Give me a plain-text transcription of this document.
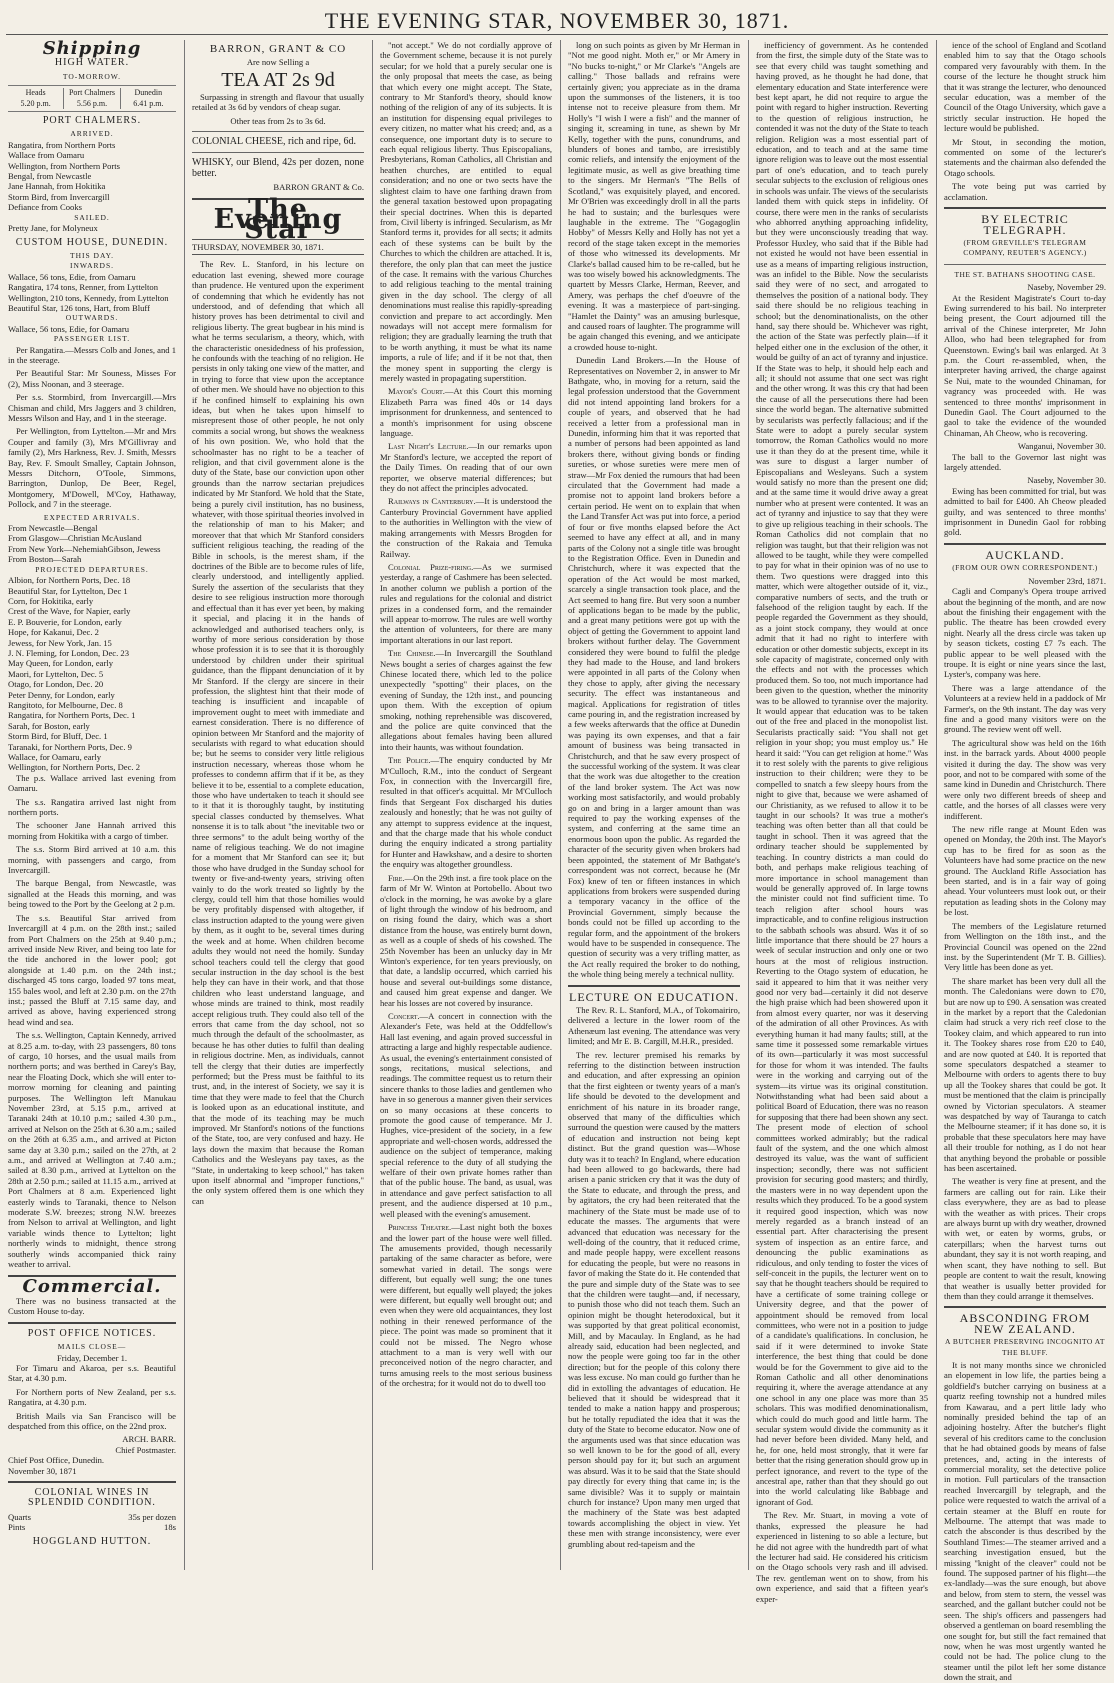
THE EVENING STAR, NOVEMBER 30, 1871.
Shipping
HIGH WATER.
TO-MORROW.
Heads
5.20 p.m.
Port Chalmers
5.56 p.m.
Dunedin
6.41 p.m.
PORT CHALMERS.
ARRIVED.

Rangatira, from Northern Ports

Wallace from Oamaru

Wellington, from Northern Ports

Bengal, from Newcastle

Jane Hannah, from Hokitika

Storm Bird, from Invercargill

Defiance from Cooks

SAILED.

Pretty Jane, for Molyneux

CUSTOM HOUSE, DUNEDIN.
THIS DAY.
INWARDS.

Wallace, 56 tons, Edie, from Oamaru

Rangatira, 174 tons, Renner, from Lyttelton

Wellington, 210 tons, Kennedy, from Lyttelton

Beautiful Star, 126 tons, Hart, from Bluff

OUTWARDS.

Wallace, 56 tons, Edie, for Oamaru

PASSENGER LIST.

Per Rangatira.—Messrs Colb and Jones, and 1 in the steerage.

Per Beautiful Star: Mr Souness, Misses For (2), Miss Noonan, and 3 steerage.

Per s.s. Stormbird, from Invercargill.—Mrs Chisman and child, Mrs Jaggers and 3 children, Messrs Wilson and Hay, and 1 in the steerage.

Per Wellington, from Lyttelton.—Mr and Mrs Couper and family (3), Mrs M'Gillivray and family (2), Mrs Harkness, Rev. J. Smith, Messrs Bay, Rev. F. Smoult Smalley, Captain Johnson, Messrs Ditchorn, O'Toole, Simmons, Barrington, Dunlop, De Beer, Regel, Montgomery, M'Dowell, M'Coy, Hathaway, Pollock, and 7 in the steerage.

EXPECTED ARRIVALS.

From Newcastle—Bengal

From Glasgow—Christian McAusland

From New York—NehemiahGibson, Jewess

From Boston—Sarah

PROJECTED DEPARTURES.

Albion, for Northern Ports, Dec. 18

Beautiful Star, for Lyttelton, Dec 1

Corn, for Hokitika, early

Crest of the Wave, for Napier, early

E. P. Bouverie, for London, early

Hope, for Kakanui, Dec. 2

Jewess, for New York, Jan. 15

J. N. Fleming, for London, Dec. 23

May Queen, for London, early

Maori, for Lyttelton, Dec. 5

Otago, for London, Dec. 20

Peter Denny, for London, early

Rangitoto, for Melbourne, Dec. 8

Rangatira, for Northern Ports, Dec. 1

Sarah, for Boston, early

Storm Bird, for Bluff, Dec. 1

Taranaki, for Northern Ports, Dec. 9

Wallace, for Oamaru, early

Wellington, for Northern Ports, Dec. 2

The p.s. Wallace arrived last evening from Oamaru.

The s.s. Rangatira arrived last night from northern ports.

The schooner Jane Hannah arrived this morning from Hokitika with a cargo of timber.

The s.s. Storm Bird arrived at 10 a.m. this morning, with passengers and cargo, from Invercargill.

The barque Bengal, from Newcastle, was signalled at the Heads this morning, and was being towed to the Port by the Geelong at 2 p.m.

The s.s. Beautiful Star arrived from Invercargill at 4 p.m. on the 28th inst.; sailed from Port Chalmers on the 25th at 9.40 p.m.; arrived inside New River, and being too late for the tide anchored in the lower pool; got alongside at 1.40 p.m. on the 24th inst.; discharged 45 tons cargo, loaded 97 tons meat, 155 bales wool, and left at 2.30 p.m. on the 27th inst.; passed the Bluff at 7.15 same day, and arrived as above, having experienced strong head wind and sea.

The s.s. Wellington, Captain Kennedy, arrived at 8.25 a.m. to-day, with 23 passengers, 80 tons of cargo, 10 horses, and the usual mails from northern ports; and was berthed in Carey's Bay, near the Floating Dock, which she will enter to-morrow morning for cleaning and painting purposes. The Wellington left Manukau November 23rd, at 5.15 p.m., arrived at Taranaki 24th at 10.10 p.m.; sailed 4.30 p.m., arrived at Nelson on the 25th at 6.30 a.m.; sailed on the 26th at 6.35 a.m., and arrived at Picton same day at 3.30 p.m.; sailed on the 27th, at 2 a.m., and arrived at Wellington at 7.40 a.m.; sailed at 8.30 p.m., arrived at Lyttelton on the 28th at 2.50 p.m.; sailed at 11.15 a.m., arrived at Port Chalmers at 8 a.m. Experienced light easterly winds to Taranaki, thence to Nelson moderate S.W. breezes; strong N.W. breezes from Nelson to arrival at Wellington, and light variable winds thence to Lyttelton; light northerly winds to midnight, thence strong southerly winds accompanied thick rainy weather to arrival.

Commercial.

There was no business transacted at the Custom House to-day.

POST OFFICE NOTICES.
MAILS CLOSE—
Friday, December 1.

For Timaru and Akaroa, per s.s. Beautiful Star, at 4.30 p.m.

For Northern ports of New Zealand, per s.s. Rangatira, at 4.30 p.m.

British Mails via San Francisco will be despatched from this office, on the 22nd prox.

ARCH. BARR.
Chief Postmaster.
Chief Post Office, Dunedin.
November 30, 1871
COLONIAL WINES IN SPLENDID CONDITION.
Quarts	35s per dozen
Pints	18s
HOGGLAND HUTTON.
BARRON, GRANT & CO
Are now Selling a
TEA AT 2s 9d

Surpassing in strength and flavour that usually retailed at 3s 6d by vendors of cheap sugar.

Other teas from 2s to 3s 6d.

COLONIAL CHEESE, rich and ripe, 6d.

WHISKY, our Blend, 42s per dozen, none better.

BARRON GRANT & Co.
The Evening Star
THURSDAY, NOVEMBER 30, 1871.

The Rev. L. Stanford, in his lecture on education last evening, shewed more courage than prudence. He ventured upon the experiment of condemning that which he evidently has not understood, and of defending that which all history proves has been detrimental to civil and religious liberty. The great bugbear in his mind is what he terms secularism, a theory, which, with the characteristic onesidedness of his profession, he confounds with the teaching of no religion. He persists in only taking one view of the matter, and in trying to force that view upon the acceptance of other men. We should have no objection to this if he confined himself to explaining his own ideas, but when he takes upon himself to misrepresent those of other people, he not only commits a social wrong, but shows the weakness of his own position. We, who hold that the schoolmaster has no right to be a teacher of religion, and that civil government alone is the duty of the State, base our conviction upon other grounds than the narrow sectarian prejudices indicated by Mr Stanford. We hold that the State, being a purely civil institution, has no business, whatever, with those spiritual theories involved in the relationship of man to his Maker; and moreover that that which Mr Stanford considers sufficient religious teaching, the reading of the Bible in schools, is the merest sham, if the doctrines of the Bible are to become rules of life, clearly understood, and intelligently applied. Surely the assertion of the secularists that they desire to see religious instruction more thorough and effectual than it has ever yet been, by making it special, and placing it in the hands of acknowledged and authorised teachers only, is worthy of more serious consideration by those whose profession it is to see that it is thoroughly understood by children under their spiritual guidance, than the flippant denunciation of it by Mr Stanford. If the clergy are sincere in their profession, the slightest hint that their mode of teaching is insufficient and incapable of improvement ought to meet with immediate and earnest consideration. There is no difference of opinion between Mr Stanford and the majority of secularists with regard to what education should be; but he seems to consider very little religious instruction necessary, whereas those whom he professes to condemn affirm that if it be, as they believe it to be, essential to a complete education, those who have undertaken to teach it should see to it that it is thoroughly taught, by instituting special classes conducted by themselves. What nonsense it is to talk about "the inevitable two or three sermons" to the adult being worthy of the name of religious teaching. We do not imagine for a moment that Mr Stanford can see it; but those who have drudged in the Sunday school for twenty or five-and-twenty years, striving often vainly to do the work treated so lightly by the clergy, could tell him that those homilies would be very profitably dispensed with altogether, if class instruction adapted to the young were given by them, as it ought to be, several times during the week and at home. When children become adults they would not need the homily. Sunday school teachers could tell the clergy that good secular instruction in the day school is the best help they can have in their work, and that those children who least understand language, and whose minds are trained to think, most readily accept religious truth. They could also tell of the errors that came from the day school, not so much through the default of the schoolmaster, as because he has other duties to fulfil than dealing in religious doctrine. Men, as individuals, cannot tell the clergy that their duties are imperfectly performed; but the Press must be faithful to its trust, and, in the interest of Society, we say it is time that they were made to feel that the Church is looked upon as an educational institute, and that the mode of its teaching may be much improved. Mr Stanford's notions of the functions of the State, too, are very confused and hazy. He lays down the maxim that because the Roman Catholics and the Wesleyans pay taxes, as the "State, in undertaking to keep school," has taken upon itself abnormal and "improper functions," the only system offered them is one which they can

"not accept." We do not cordially approve of the Government scheme, because it is not purely secular; for we hold that a purely secular one is the only proposal that meets the case, as being that which every one might accept. The State, contrary to Mr Stanford's theory, should know nothing of the religion of any of its subjects. It is an institution for dispensing equal privileges to every citizen, no matter what his creed; and, as a consequence, one important duty is to secure to each equal religious liberty. Thus Episcopalians, Presbyterians, Roman Catholics, all Christian and heathen churches, are entitled to equal consideration; and no one or two sects have the slightest claim to have one farthing drawn from the general taxation bestowed upon propagating their special doctrines. When this is departed from, Civil liberty is infringed. Secularism, as Mr Stanford terms it, provides for all sects; it admits each of these systems can be built by the Churches to which the children are attached. It is, therefore, the only plan that can meet the justice of the case. It remains with the various Churches to add religious teaching to the mental training given in the day school. The clergy of all denominations must realise this rapidly-spreading conviction and prepare to act accordingly. Men nowadays will not accept mere formalism for religion; they are gradually learning the truth that to be worth anything, it must be what its name imports, a rule of life; and if it be not that, then the money spent in supporting the clergy is merely wasted in propagating superstition.

Mayor's Court.—At this Court this morning Elizabeth Parra was fined 40s or 14 days imprisonment for drunkenness, and sentenced to a month's imprisonment for using obscene language.

Last Night's Lecture.—In our remarks upon Mr Stanford's lecture, we accepted the report of the Daily Times. On reading that of our own reporter, we observe material differences; but they do not affect the principles advocated.

Railways in Canterbury.—It is understood the Canterbury Provincial Government have applied to the authorities in Wellington with the view of making arrangements with Messrs Brogden for the construction of the Rakaia and Temuka Railway.

Colonial Prize-firing.—As we surmised yesterday, a range of Cashmere has been selected. In another column we publish a portion of the rules and regulations for the colonial and district prizes in a condensed form, and the remainder will appear to-morrow. The rules are well worthy the attention of volunteers, for there are many important alterations in our last report.

The Chinese.—In Invercargill the Southland News bought a series of charges against the few Chinese located there, which led to the police unexpectedly "spotting" their places, on the evening of Sunday, the 12th inst., and pouncing upon them. With the exception of opium smoking, nothing reprehensible was discovered, and the police are quite convinced that the allegations about females having been allured into their haunts, was without foundation.

The Police.—The enquiry conducted by Mr M'Culloch, R.M., into the conduct of Sergeant Fox, in connection with the Invercargill fire, resulted in that officer's acquittal. Mr M'Culloch finds that Sergeant Fox discharged his duties zealously and honestly; that he was not guilty of any attempt to suppress evidence at the inquest, and that the charge made that his whole conduct during the enquiry indicated a strong partiality for Hunter and Hawkshaw, and a desire to shorten the enquiry was altogether groundless.

Fire.—On the 29th inst. a fire took place on the farm of Mr W. Winton at Portobello. About two o'clock in the morning, he was awoke by a glare of light through the window of his bedroom, and on rising found the dairy, which was a short distance from the house, was entirely burnt down, as well as a couple of sheds of his cowshed. The 25th November has been an unlucky day in Mr Winton's experience, for ten years previously, on that date, a landslip occurred, which carried his house and several out-buildings some distance, and caused him great expense and danger. We hear his losses are not covered by insurance.

Concert.—A concert in connection with the Alexander's Fete, was held at the Oddfellow's Hall last evening, and again proved successful in attracting a large and highly respectable audience. As usual, the evening's entertainment consisted of songs, recitations, musical selections, and readings. The committee request us to return their sincere thanks to those ladies and gentlemen who have in so generous a manner given their services on so many occasions at these concerts to promote the good cause of temperance. Mr J. Hughes, vice-president of the society, in a few appropriate and well-chosen words, addressed the audience on the subject of temperance, making special reference to the duty of all studying the welfare of their own private homes rather than that of the public house. The band, as usual, was in attendance and gave perfect satisfaction to all present, and the audience dispersed at 10 p.m., well pleased with the evening's amusement.

Princess Theatre.—Last night both the boxes and the lower part of the house were well filled. The amusements provided, though necessarily partaking of the same character as before, were somewhat varied in detail. The songs were different, but equally well sung; the one tunes were different, but equally well played; the jokes were different, but equally well brought out; and even when they were old acquaintances, they lost nothing in their renewed performance of the piece. The point was made so prominent that it could not be missed. The Negro whose attachment to a man is very well with our preconceived notion of the negro character, and turns amusing reels to the most serious business of the orchestra; for it would not do to dwell too

long on such points as given by Mr Herman in "Not me good night. Moth er," or Mr Amery in "No bucks to-night," or Mr Clarke's "Angels are calling." Those ballads and refrains were certainly given; you appreciate as in the drama upon the summonses of the listeners, it is too intense not to receive pleasure from them. Mr Holly's "I wish I were a fish" and the manner of singing it, screaming in tune, as shewn by Mr Kelly, together with the puns, conundrums, and blunders of bones and tambo, are irresistibly comic reliefs, and intensify the enjoyment of the legitimate music, as well as give breathing time to the singers. Mr Herman's "The Bells of Scotland," was exquisitely played, and encored. Mr O'Brien was exceedingly droll in all the parts he had to sustain; and the burlesques were laughable in the extreme. The "Gogagoglin Hobby" of Messrs Kelly and Holly has not yet a record of the stage taken except in the memories of those who witnessed its developments. Mr Clarke's ballad caused him to be re-called, but he was too wisely bowed his acknowledgments. The quartett by Messrs Clarke, Herman, Reever, and Amery, was perhaps the chef d'oeuvre of the evening. It was a masterpiece of part-singing. "Hamlet the Dainty" was an amusing burlesque, and caused roars of laughter. The programme will be again changed this evening, and we anticipate a crowded house to-night.

Dunedin Land Brokers.—In the House of Representatives on November 2, in answer to Mr Bathgate, who, in moving for a return, said the legal profession understood that the Government did not intend appointing land brokers for a couple of years, and observed that he had received a letter from a professional man in Dunedin, informing him that it was reported that a number of persons had been appointed as land brokers there, without giving bonds or finding sureties, or whose sureties were mere men of straw—Mr Fox denied the rumours that had been circulated that the Government had made a promise not to appoint land brokers before a certain period. He went on to explain that when the Land Transfer Act was put into force, a period of four or five months elapsed before the Act seemed to have any effect at all, and in many parts of the Colony not a single title was brought to the Registration Office. Even in Dunedin and Christchurch, where it was expected that the operation of the Act would be most marked, scarcely a single transaction took place, and the Act seemed to hang fire. But very soon a number of applications began to be made by the public, and a great many petitions were got up with the object of getting the Government to appoint land brokers without further delay. The Government considered they were bound to fulfil the pledge they had made to the House, and land brokers were appointed in all parts of the Colony when they chose to apply, after giving the necessary security. The effect was instantaneous and magical. Applications for registration of titles came pouring in, and the registration increased by a few weeks afterwards that the office at Dunedin was paying its own expenses, and that a fair amount of business was being transacted in Christchurch, and that he saw every prospect of the successful working of the system. It was clear that the work was due altogether to the creation of the land broker system. The Act was now working most satisfactorily, and would probably go on and bring in a larger amount than was required to pay the working expenses of the system, and conferring at the same time an enormous boon upon the public. As regarded the character of the security given when brokers had been appointed, the statement of Mr Bathgate's correspondent was not correct, because he (Mr Fox) knew of ten or fifteen instances in which applications from brokers were suspended during a temporary vacancy in the office of the Provincial Government, simply because the bonds could not be filled up according to the regular form, and the appointment of the brokers would have to be suspended in consequence. The question of security was a very trifling matter, as the Act really required the broker to do nothing, the whole thing being merely a technical nullity.

LECTURE ON EDUCATION.

The Rev. R. L. Stanford, M.A., of Tokomairiro, delivered a lecture in the lower room of the Athenæum last evening. The attendance was very limited; and Mr E. B. Cargill, M.H.R., presided.

The rev. lecturer premised his remarks by referring to the distinction between instruction and education, and after expressing an opinion that the first eighteen or twenty years of a man's life should be devoted to the development and enrichment of his nature in its broader range, observed that many of the difficulties which surround the question were caused by the matters of education and instruction not being kept distinct. But the grand question was—Whose duty was it to teach? In England, where education had been allowed to go backwards, there had arisen a panic stricken cry that it was the duty of the State to educate, and through the press, and by agitators, the cry had been reiterated that the machinery of the State must be made use of to educate the masses. The arguments that were advanced that education was necessary for the well-doing of the country, that it reduced crime, and made people happy, were excellent reasons for educating the people, but were no reasons in favor of making the State do it. He contended that the pure and simple duty of the State was to see that the children were taught—and, if necessary, to punish those who did not teach them. Such an opinion might be thought heterodoxical, but it was supported by that great political economist, Mill, and by Macaulay. In England, as he had already said, education had been neglected, and now the people were going too far in the other direction; but for the people of this colony there was less excuse. No man could go further than he did in extolling the advantages of education. He believed that it should be widespread that it tended to make a nation happy and prosperous; but he totally repudiated the idea that it was the duty of the State to become educator. Now one of the arguments used was that since education was so well known to be for the good of all, every person should pay for it; but such an argument was absurd. Was it to be said that the State should pay directly for every thing that came in; is the same divisible? Was it to supply or maintain church for instance? Upon many men urged that the machinery of the State was best adapted towards accomplishing the object in view. Yet these men with strange inconsistency, were ever grumbling about red-tapeism and the

inefficiency of government. As he contended from the first, the simple duty of the State was to see that every child was taught something and having proved, as he thought he had done, that elementary education and State interference were best kept apart, he did not require to argue the point with regard to higher instruction. Reverting to the question of religious instruction, he contended it was not the duty of the State to teach religion. Religion was a most essential part of education, and to teach and at the same time ignore religion was to leave out the most essential part of one's education, and to teach purely secular subjects to the exclusion of religious ones in schools was unfair. The views of the secularists landed them with quick steps in infidelity. Of course, there were men in the ranks of secularists who abhorred anything approaching infidelity, but they were unconsciously treading that way. Professor Huxley, who said that if the Bible had not existed he would not have been essential in use as a means of imparting religious instruction, was an infidel to the Bible. Now the secularists said they were of no sect, and arrogated to themselves the position of a national body. They said there should be no religious teaching in school; but the denominationalists, on the other hand, say there should be. Whichever was right, the action of the State was perfectly plain—if it helped either one in the exclusion of the other, it would be guilty of an act of tyranny and injustice. If the State was to help, it should help each and all; it should not assume that one sect was right and the other wrong. It was this cry that had been the cause of all the persecutions there had been since the world began. The alternative submitted by secularists was perfectly fallacious; and if the State were to adopt a purely secular system tomorrow, the Roman Catholics would no more use it than they do at the present time, while it was sure to disgust a larger number of Episcopalians and Wesleyans. Such a system would satisfy no more than the present one did; and at the same time it would drive away a great number who at present were contented. It was an act of tyranny and injustice to say that they were to give up religious teaching in their schools. The Roman Catholics did not complain that no religion was taught, but that their religion was not allowed to be taught, while they were compelled to pay for what in their opinion was of no use to them. Two questions were dragged into this matter, which were altogether outside of it, viz., comparative numbers of sects, and the truth or falsehood of the religion taught by each. If the people regarded the Government as they should, as a joint stock company, they would at once admit that it had no right to interfere with education or other domestic subjects, except in its sole capacity of magistrate, concerned only with the effects and not with the processes which produced them. So too, not much importance had been given to the question, whether the minority was to be allowed to tyrannise over the majority. It would appear that education was to be taken out of the free and placed in the monopolist list. Secularists practically said: "You shall not get religion in your shop; you must employ us." He heard it said: "You can get religion at home." Was it to rest solely with the parents to give religious instruction to their children; were they to be compelled to snatch a few sleepy hours from the night to give that, because we were ashamed of our Christianity, as we refused to allow it to be taught in our schools? It was true a mother's teaching was often better than all that could be taught in school. Then it was agreed that the ordinary teacher should be supplemented by teaching. In country districts a man could do both, and perhaps make religious teaching of more importance in school management than would be generally approved of. In large towns the minister could not find sufficient time. To teach religion after school hours was impracticable, and to confine religious instruction to the sabbath schools was absurd. Was it of so little importance that there should be 27 hours a week of secular instruction and only one or two hours at the most of religious instruction. Reverting to the Otago system of education, he said it appeared to him that it was neither very good nor very bad—certainly it did not deserve the high praise which had been showered upon it from almost every quarter, nor was it deserving of the admiration of all other Provinces. As with everything human it had many faults; still, at the same time it possessed some remarkable virtues of its own—particularly it was most successful for those for whom it was intended. The faults were in the working and carrying out of the system—its virtue was its original constitution. Notwithstanding what had been said about a political Board of Education, there was no reason for supposing that there had been shown any sect. The present mode of election of school committees worked admirably; but the radical fault of the system, and the one which almost destroyed its value, was the want of sufficient inspection; secondly, there was not sufficient provision for securing good masters; and thirdly, the masters were in no way dependent upon the results which they produced. To be a good system it required good inspection, which was now merely regarded as a branch instead of an essential part. After characterising the present system of inspection as an entire farce, and denouncing the public examinations as ridiculous, and only tending to foster the vices of self-conceit in the pupils, the lecturer went on to say that he thought teachers should be required to have a certificate of some training college or University degree, and that the power of appointment should be removed from local committees, who were not in a position to judge of a candidate's qualifications. In conclusion, he said if it were determined to invoke State interference, the best thing that could be done would be for the Government to give aid to the Roman Catholic and all other denominations requiring it, where the average attendance at any one school in any one place was more than 35 scholars. This was modified denominationalism, which could do much good and little harm. The secular system would divide the community as it had never before been divided. Many held, and he, for one, held most strongly, that it were far better that the rising generation should grow up in perfect ignorance, and revert to the type of the ancestral ape, rather than that they should go out into the world calculating like Babbage and ignorant of God.

The Rev. Mr. Stuart, in moving a vote of thanks, expressed the pleasure he had experienced in listening to so able a lecture, but he did not agree with the hundredth part of what the lecturer had said. He considered his criticism on the Otago schools very rash and ill advised. The rev. gentleman went on to show, from his own experience, and said that a fifteen year's exper-

ience of the school of England and Scotland enabled him to say that the Otago schools compared very favourably with them. In the course of the lecture he thought struck him that it was strange the lecturer, who denounced secular education, was a member of the Council of the Otago University, which gave a strictly secular instruction. He hoped the lecture would be published.

Mr Stout, in seconding the motion, commented on some of the lecturer's statements and the chairman also defended the Otago schools.

The vote being put was carried by acclamation.

BY ELECTRIC TELEGRAPH.
(FROM GREVILLE'S TELEGRAM COMPANY, REUTER'S AGENCY.)
THE ST. BATHANS SHOOTING CASE.
Naseby, November 29.

At the Resident Magistrate's Court to-day Ewing surrendered to his bail. No interpreter being present, the Court adjourned till the arrival of the Chinese interpreter, Mr John Alloo, who had been telegraphed for from Queenstown. Ewing's bail was enlarged. At 3 p.m. the Court re-assembled, when, the interpreter having arrived, the charge against Se Nui, mate to the wounded Chinaman, for vagrancy was proceeded with. He was sentenced to three months' imprisonment in Dunedin Gaol. The Court adjourned to the gaol to take the evidence of the wounded Chinaman, Ah Cheow, who is recovering.

Wanganui, November 30.

The ball to the Governor last night was largely attended.

Naseby, November 30.

Ewing has been committed for trial, but was admitted to bail for £400. Ah Cheow pleaded guilty, and was sentenced to three months' imprisonment in Dunedin Gaol for robbing gold.

AUCKLAND.
(FROM OUR OWN CORRESPONDENT.)
November 23rd, 1871.

Cagli and Company's Opera troupe arrived about the beginning of the month, and are now about the finishing their engagement with the public. The theatre has been crowded every night. Nearly all the dress circle was taken up by season tickets, costing £7 7s each. The public appear to be well pleased with the troupe. It is eight or nine years since the last, Lyster's, company was here.

There was a large attendance of the Volunteers at a review held in a paddock of Mr Farmer's, on the 9th instant. The day was very fine and a good many visitors were on the ground. The review went off well.

The agricultural show was held on the 16th inst. in the barrack yards. About 4000 people visited it during the day. The show was very poor, and not to be compared with some of the same kind in Dunedin and Christchurch. There were only two different breeds of sheep and cattle, and the horses of all classes were very indifferent.

The new rifle range at Mount Eden was opened on Monday, the 20th inst. The Mayor's cup has to be fired for as soon as the Volunteers have had some practice on the new ground. The Auckland Rifle Association has been started, and is in a fair way of going ahead. Your volunteers must look out, or their reputation as leading shots in the Colony may be lost.

The members of the Legislature returned from Wellington on the 18th inst., and the Provincial Council was opened on the 22nd inst. by the Superintendent (Mr T. B. Gillies). Very little has been done as yet.

The share market has been very dull all the month. The Caledonians were down to £70, but are now up to £90. A sensation was created in the market by a report that the Caledonian claim had struck a very rich reef close to the Tookey claim, and which appeared to run into it. The Tookey shares rose from £20 to £40, and are now quoted at £40. It is reported that some speculators despatched a steamer to Melbourne with orders to agents there to buy up all the Tookey shares that could be got. It must be mentioned that the claim is principally owned by Victorian speculators. A steamer was despatched by way of Tauranga to catch the Melbourne steamer; if it has done so, it is probable that these speculators here may have all their trouble for nothing, as I do not hear that anything beyond the probable or possible has been ascertained.

The weather is very fine at present, and the farmers are calling out for rain. Like their class everywhere, they are as bad to please with the weather as with prices. Their crops are always burnt up with dry weather, drowned with wet, or eaten by worms, grubs, or caterpillars; when the harvest turns out abundant, they say it is not worth reaping, and when scant, they have nothing to sell. But people are content to wait the result, knowing that weather is usually better provided for them than they could arrange it themselves.

ABSCONDING FROM NEW ZEALAND.
A BUTCHER PRESERVING INCOGNITO AT THE BLUFF.

It is not many months since we chronicled an elopement in low life, the parties being a goldfield's butcher carrying on business at a quartz reefing township not a hundred miles from Kawarau, and a pert little lady who nominally presided behind the tap of an adjoining hostelry. After the butcher's flight several of his creditors came to the conclusion that he had obtained goods by means of false pretences, and, acting in the interests of commercial morality, set the detective police in motion. Full particulars of the transaction reached Invercargill by telegraph, and the police were requested to watch the arrival of a certain steamer at the Bluff en route for Melbourne. The attempt that was made to catch the absconder is thus described by the Southland Times:—The steamer arrived and a searching investigation ensued, but the missing "knight of the cleaver" could not be found. The supposed partner of his flight—the ex-landlady—was the sure enough, but above and below, from stem to stern, the vessel was searched, and the gallant butcher could not be seen. The ship's officers and passengers had observed a gentleman on board resembling the one sought for, but still the fact remained that now, when he was most urgently wanted he could not be had. The police clung to the steamer until the pilot left her some distance down the strait, and
